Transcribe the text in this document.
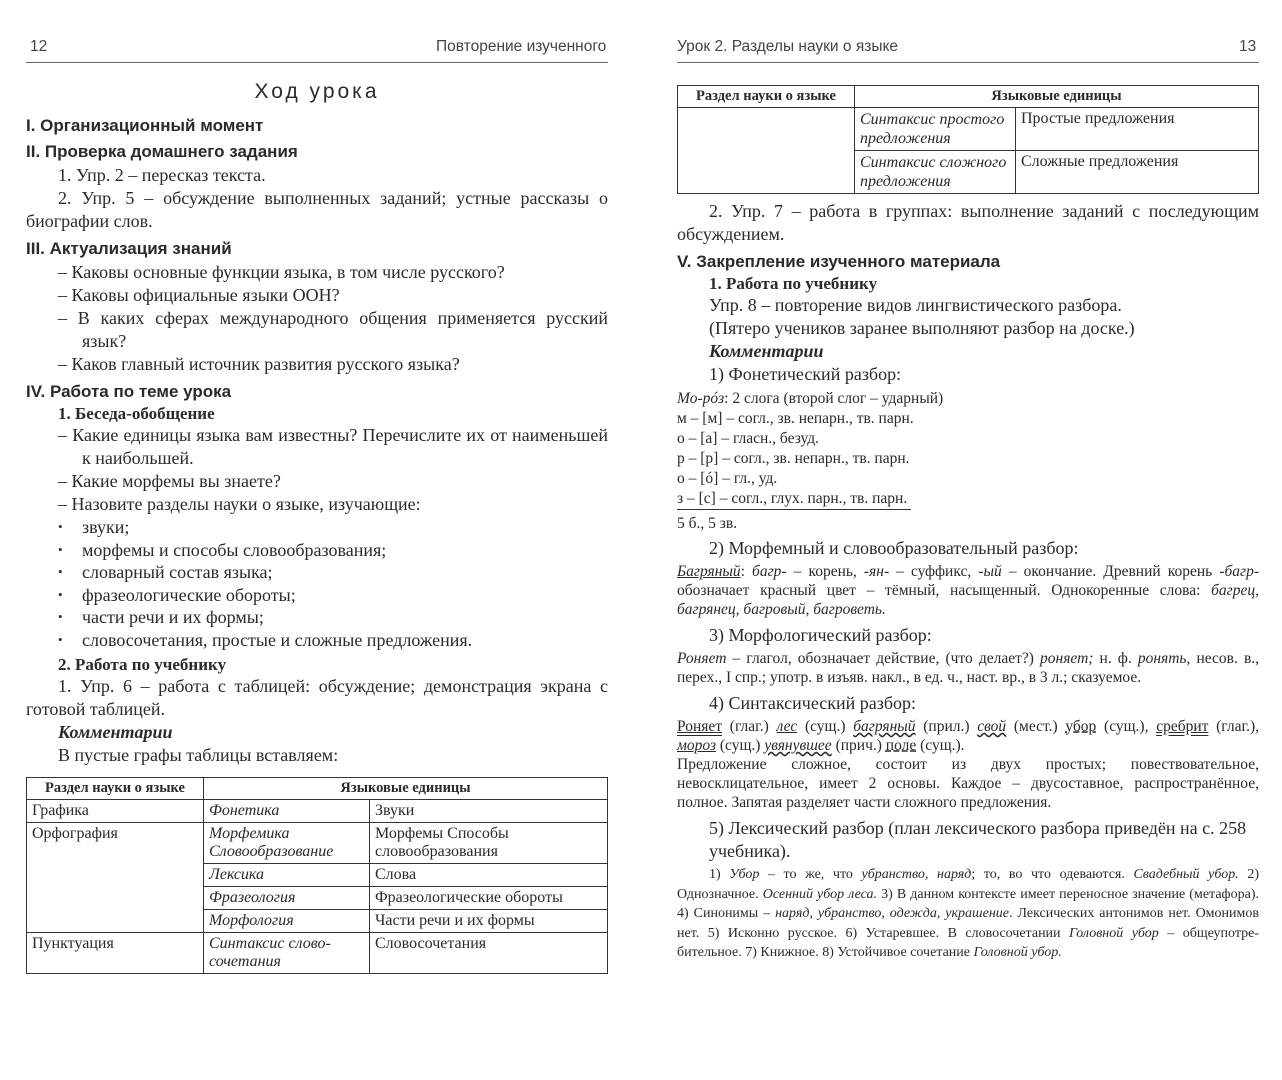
12	Повторение изученного
Ход урока
I. Организационный момент
II. Проверка домашнего задания
1. Упр. 2 – пересказ текста.
2. Упр. 5 – обсуждение выполненных заданий; устные рассказы о биографии слов.
III. Актуализация знаний
– Каковы основные функции языка, в том числе русского?
– Каковы официальные языки ООН?
– В каких сферах международного общения применяется русский язык?
– Каков главный источник развития русского языка?
IV. Работа по теме урока
1. Беседа-обобщение
– Какие единицы языка вам известны? Перечислите их от наименьшей к наибольшей.
– Какие морфемы вы знаете?
– Назовите разделы науки о языке, изучающие:
• звуки;
• морфемы и способы словообразования;
• словарный состав языка;
• фразеологические обороты;
• части речи и их формы;
• словосочетания, простые и сложные предложения.
2. Работа по учебнику
1. Упр. 6 – работа с таблицей: обсуждение; демонстрация экрана с готовой таблицей.
Комментарии
В пустые графы таблицы вставляем:
Раздел науки о языке	Языковые единицы	
Графика	Фонетика	Звуки
Орфография	Морфемика Словообразование	Морфемы Способы словообразования
	Лексика	Слова
	Фразеология	Фразеологические обороты
	Морфология	Части речи и их формы
Пунктуация	Синтаксис словосочетания	Словосочетания
Урок 2. Разделы науки о языке	13
Раздел науки о языке	Языковые единицы	
	Синтаксис простого предложения	Простые предложения
	Синтаксис сложного предложения	Сложные предложения
2. Упр. 7 – работа в группах: выполнение заданий с последующим обсуждением.
V. Закрепление изученного материала
1. Работа по учебнику
Упр. 8 – повторение видов лингвистического разбора.
(Пятеро учеников заранее выполняют разбор на доске.)
Комментарии
1) Фонетический разбор:
Мо-рóз: 2 слога (второй слог – ударный)
м – [м] – согл., зв. непарн., тв. парн.
о – [а] – гласн., безуд.
р – [р] – согл., зв. непарн., тв. парн.
о – [ó] – гл., уд.
з – [с] – согл., глух. парн., тв. парн.
5 б., 5 зв.
2) Морфемный и словообразовательный разбор:
Багряный: багр- – корень, -ян- – суффикс, -ый – окончание. Древний корень -багр- обозначает красный цвет – тёмный, насыщенный. Однокоренные слова: багрец, багрянец, багровый, багроветь.
3) Морфологический разбор:
Роняет – глагол, обозначает действие, (что делает?) роняет; н. ф. ронять, несов. в., перех., I спр.; употр. в изъяв. накл., в ед. ч., наст. вр., в 3 л.; сказуемое.
4) Синтаксический разбор:
Роняет (глаг.) лес (сущ.) багряный (прил.) свой (мест.) убор (сущ.), сребрит (глаг.), мороз (сущ.) увянувшее (прич.) поле (сущ.).
Предложение сложное, состоит из двух простых; повествовательное, невосклицательное, имеет 2 основы. Каждое – двусоставное, распространённое, полное. Запятая разделяет части сложного предложения.
5) Лексический разбор (план лексического разбора приведён на с. 258 учебника).
1) Убор – то же, что убранство, наряд; то, во что одеваются. Свадебный убор. 2) Однозначное. Осенний убор леса. 3) В данном контексте имеет переносное значение (метафора). 4) Синонимы – наряд, убранство, одежда, украшение. Лексических антонимов нет. Омонимов нет. 5) Исконно русское. 6) Устаревшее. В словосочетании Головной убор – общеупотребительное. 7) Книжное. 8) Устойчивое сочетание Головной убор.
